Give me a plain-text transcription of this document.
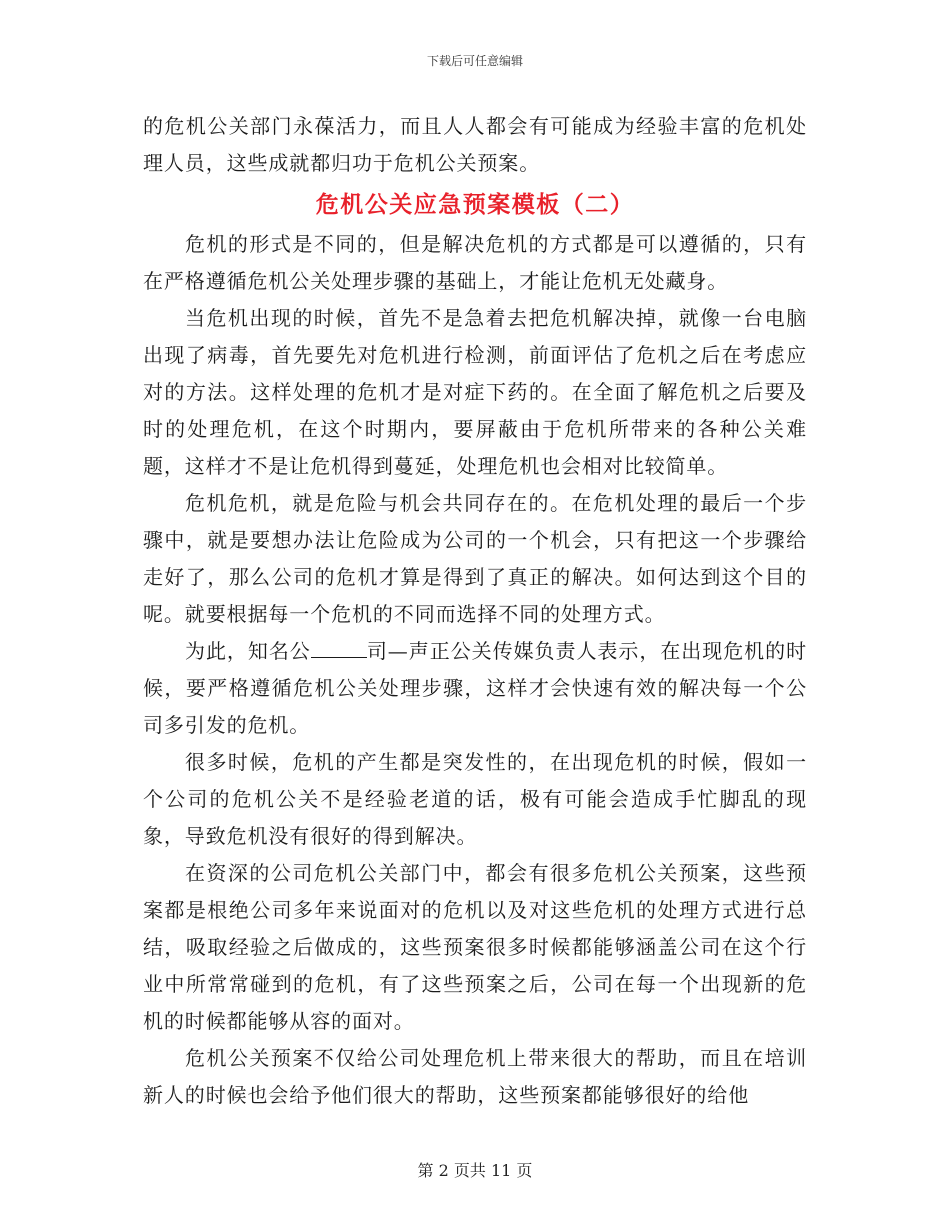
下载后可任意编辑

的危机公关部门永葆活力，而且人人都会有可能成为经验丰富的危机处理人员，这些成就都归功于危机公关预案。

危机公关应急预案模板（二）

危机的形式是不同的，但是解决危机的方式都是可以遵循的，只有在严格遵循危机公关处理步骤的基础上，才能让危机无处藏身。

当危机出现的时候，首先不是急着去把危机解决掉，就像一台电脑出现了病毒，首先要先对危机进行检测，前面评估了危机之后在考虑应对的方法。这样处理的危机才是对症下药的。在全面了解危机之后要及时的处理危机，在这个时期内，要屏蔽由于危机所带来的各种公关难题，这样才不是让危机得到蔓延，处理危机也会相对比较简单。

危机危机，就是危险与机会共同存在的。在危机处理的最后一个步骤中，就是要想办法让危险成为公司的一个机会，只有把这一个步骤给走好了，那么公司的危机才算是得到了真正的解决。如何达到这个目的呢。就要根据每一个危机的不同而选择不同的处理方式。

为此，知名公	司—声正公关传媒负责人表示，在出现危机的时候，要严格遵循危机公关处理步骤，这样才会快速有效的解决每一个公司多引发的危机。

很多时候，危机的产生都是突发性的，在出现危机的时候，假如一个公司的危机公关不是经验老道的话，极有可能会造成手忙脚乱的现象，导致危机没有很好的得到解决。

在资深的公司危机公关部门中，都会有很多危机公关预案，这些预案都是根绝公司多年来说面对的危机以及对这些危机的处理方式进行总结，吸取经验之后做成的，这些预案很多时候都能够涵盖公司在这个行业中所常常碰到的危机，有了这些预案之后，公司在每一个出现新的危机的时候都能够从容的面对。

危机公关预案不仅给公司处理危机上带来很大的帮助，而且在培训新人的时候也会给予他们很大的帮助，这些预案都能够很好的给他

第 2 页共 11 页
